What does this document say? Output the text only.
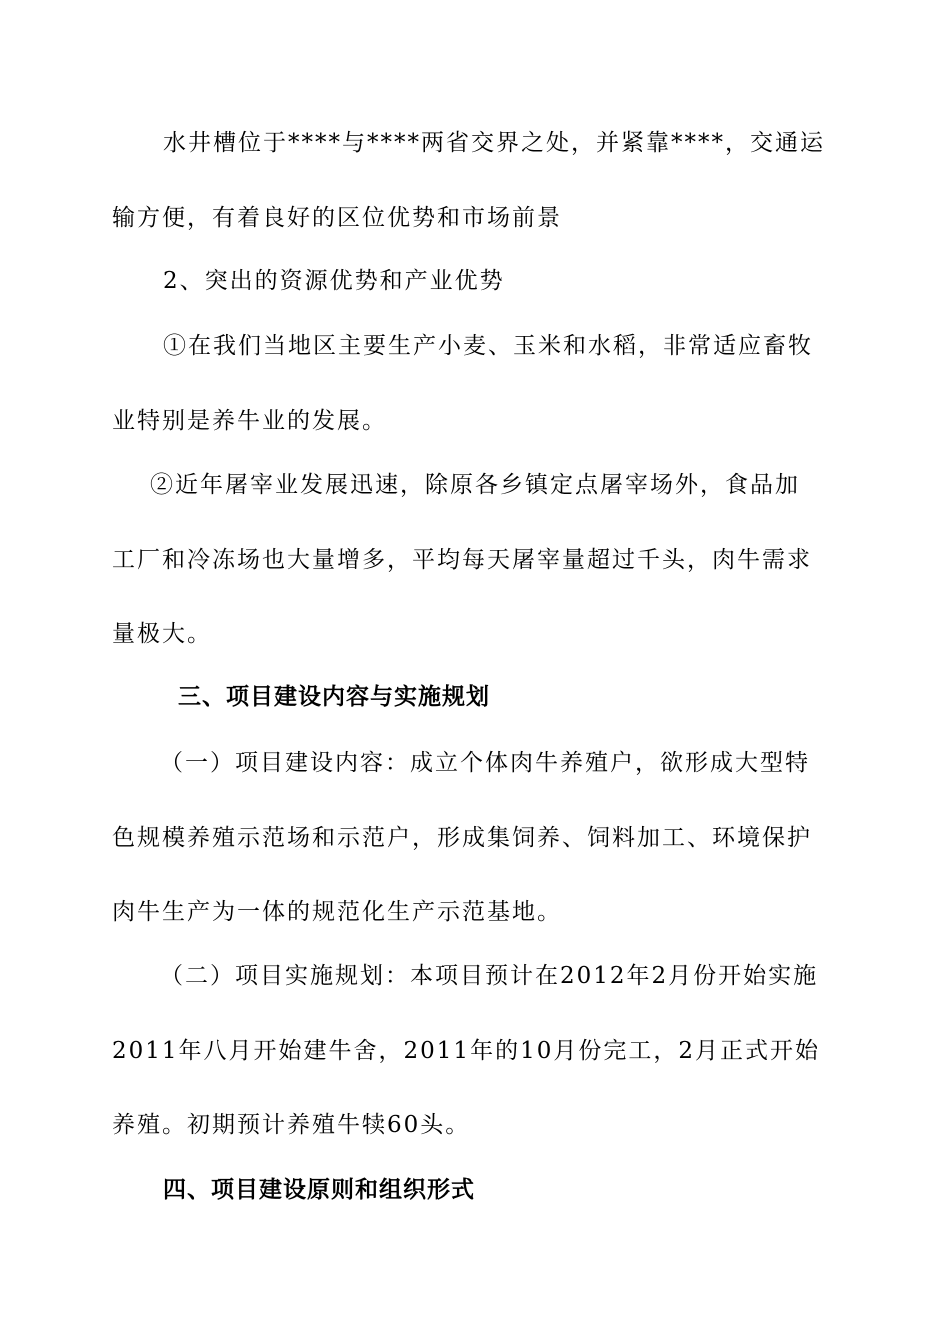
水井槽位于****与****两省交界之处，并紧靠****，交通运
输方便，有着良好的区位优势和市场前景
2、突出的资源优势和产业优势
①在我们当地区主要生产小麦、玉米和水稻，非常适应畜牧
业特别是养牛业的发展。
②近年屠宰业发展迅速，除原各乡镇定点屠宰场外，食品加
工厂和冷冻场也大量增多，平均每天屠宰量超过千头，肉牛需求
量极大。
三、项目建设内容与实施规划
（一）项目建设内容：成立个体肉牛养殖户，欲形成大型特
色规模养殖示范场和示范户，形成集饲养、饲料加工、环境保护
肉牛生产为一体的规范化生产示范基地。
（二）项目实施规划：本项目预计在2012年2月份开始实施
2011年八月开始建牛舍，2011年的10月份完工，2月正式开始
养殖。初期预计养殖牛犊60头。
四、项目建设原则和组织形式
